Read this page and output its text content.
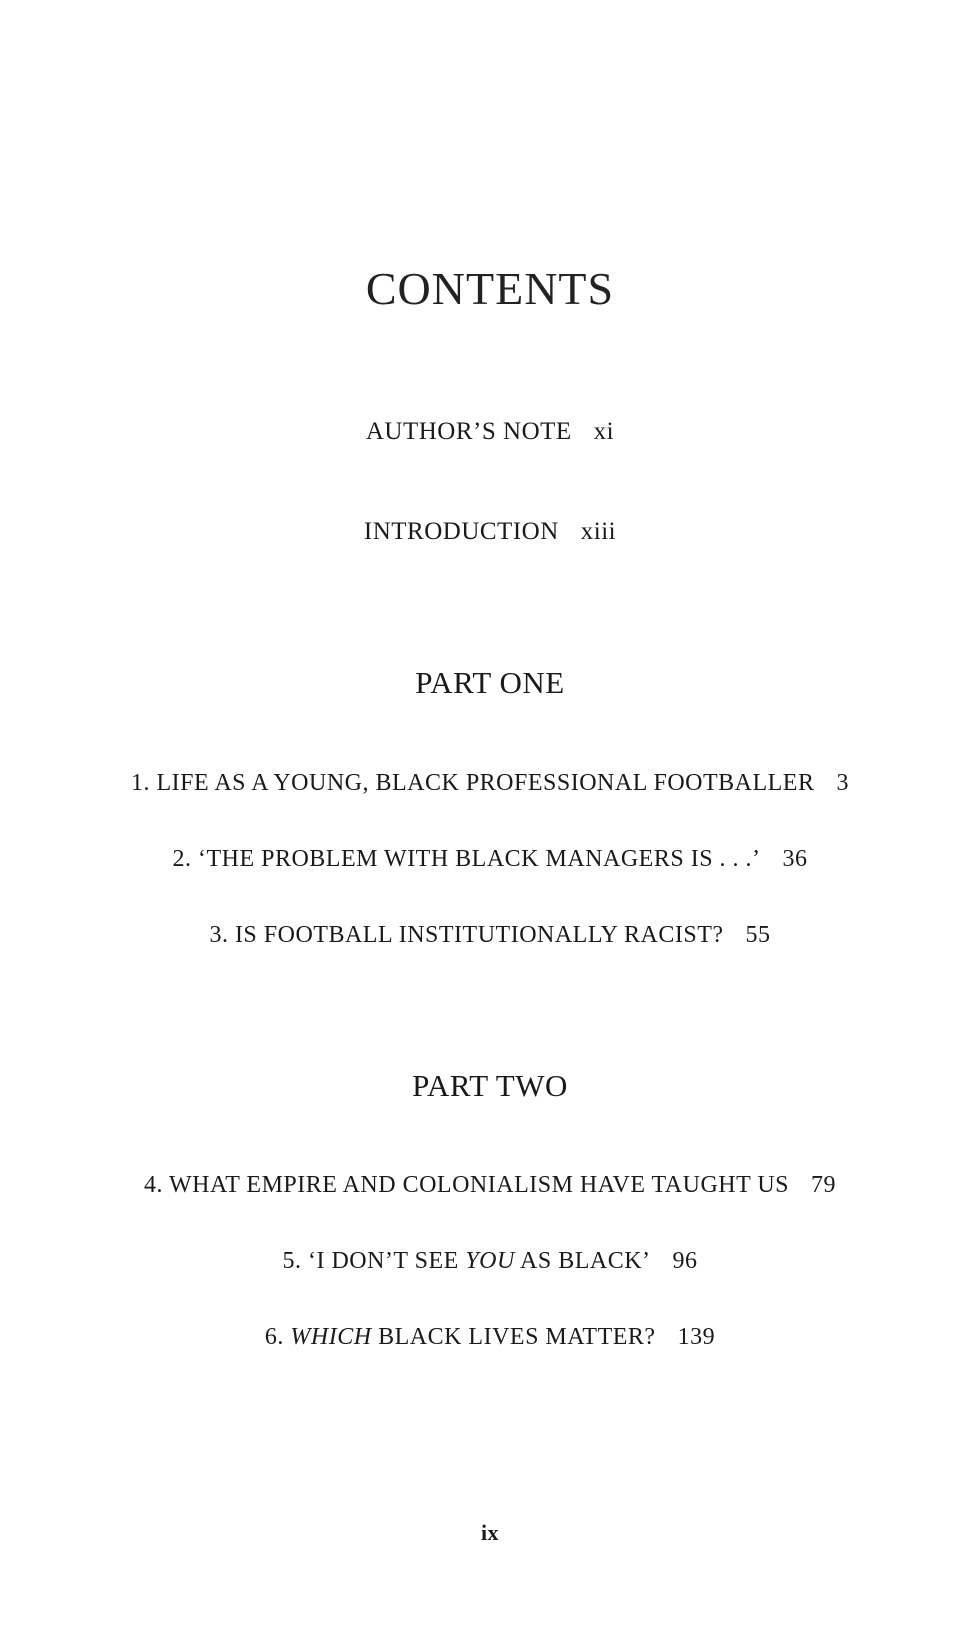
CONTENTS
AUTHOR’S NOTE xi
INTRODUCTION xiii
PART ONE
1. LIFE AS A YOUNG, BLACK PROFESSIONAL FOOTBALLER 3
2. ‘THE PROBLEM WITH BLACK MANAGERS IS . . .’ 36
3. IS FOOTBALL INSTITUTIONALLY RACIST? 55
PART TWO
4. WHAT EMPIRE AND COLONIALISM HAVE TAUGHT US 79
5. ‘I DON’T SEE YOU AS BLACK’ 96
6. WHICH BLACK LIVES MATTER? 139
ix
